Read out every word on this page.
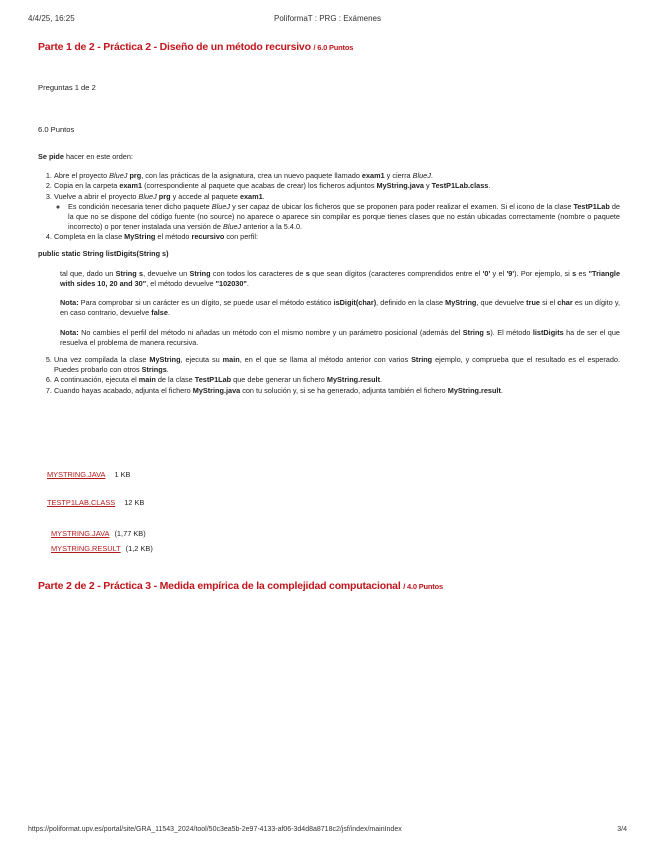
4/4/25, 16:25	PoliformaT : PRG : Exámenes
Parte 1 de 2 - Práctica 2 - Diseño de un método recursivo / 6.0 Puntos
Preguntas 1 de 2
6.0 Puntos

Se pide hacer en este orden:

1. Abre el proyecto BlueJ prg, con las prácticas de la asignatura, crea un nuevo paquete llamado exam1 y cierra BlueJ.
2. Copia en la carpeta exam1 (correspondiente al paquete que acabas de crear) los ficheros adjuntos MyString.java y TestP1Lab.class.
3. Vuelve a abrir el proyecto BlueJ prg y accede al paquete exam1.
◦ Es condición necesaria tener dicho paquete BlueJ y ser capaz de ubicar los ficheros que se proponen para poder realizar el examen. Si el icono de la clase TestP1Lab de la que no se dispone del código fuente (no source) no aparece o aparece sin compilar es porque tienes clases que no están ubicadas correctamente (nombre o paquete incorrecto) o por tener instalada una versión de BlueJ anterior a la 5.4.0.
4. Completa en la clase MyString el método recursivo con perfil:

public static String listDigits(String s)

tal que, dado un String s, devuelve un String con todos los caracteres de s que sean dígitos (caracteres comprendidos entre el '0' y el '9'). Por ejemplo, si s es "Triangle with sides 10, 20 and 30", el método devuelve "102030".

Nota: Para comprobar si un carácter es un dígito, se puede usar el método estático isDigit(char), definido en la clase MyString, que devuelve true si el char es un dígito y, en caso contrario, devuelve false.

Nota: No cambies el perfil del método ni añadas un método con el mismo nombre y un parámetro posicional (además del String s). El método listDigits ha de ser el que resuelva el problema de manera recursiva.

5. Una vez compilada la clase MyString, ejecuta su main, en el que se llama al método anterior con varios String ejemplo, y comprueba que el resultado es el esperado. Puedes probarlo con otros Strings.
6. A continuación, ejecuta el main de la clase TestP1Lab que debe generar un fichero MyString.result.
7. Cuando hayas acabado, adjunta el fichero MyString.java con tu solución y, si se ha generado, adjunta también el fichero MyString.result.
MYSTRING.JAVA 1 KB
TESTP1LAB.CLASS 12 KB
MYSTRING.JAVA (1,77 KB)
MYSTRING.RESULT (1,2 KB)
Parte 2 de 2 - Práctica 3 - Medida empírica de la complejidad computacional / 4.0 Puntos
https://poliformat.upv.es/portal/site/GRA_11543_2024/tool/50c3ea5b-2e97-4133-af06-3d4d8a8718c2/jsf/index/mainIndex	3/4
